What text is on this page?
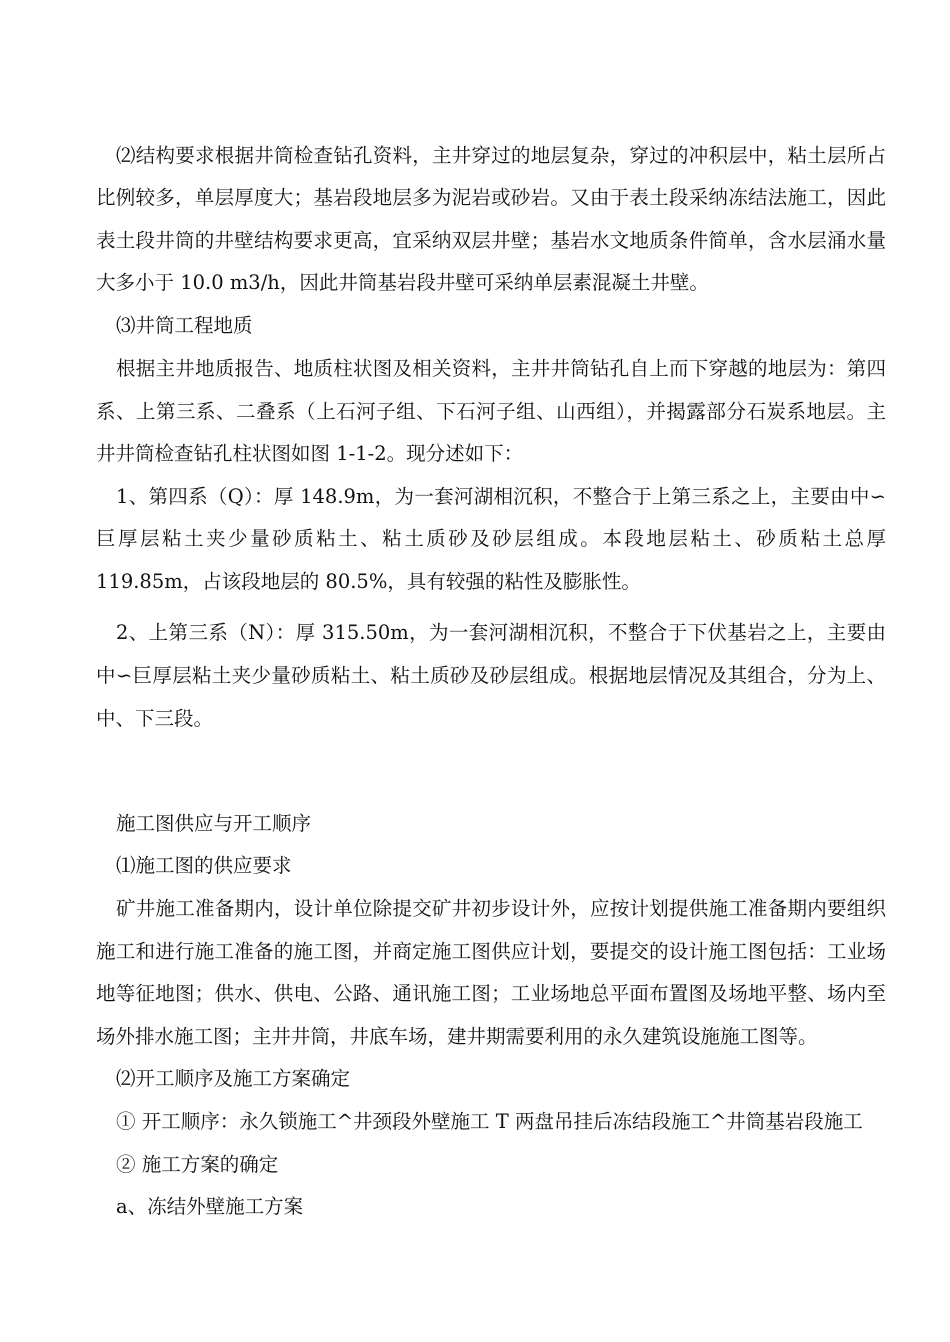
⑵结构要求根据井筒检查钻孔资料，主井穿过的地层复杂，穿过的冲积层中，粘土层所占
比例较多，单层厚度大；基岩段地层多为泥岩或砂岩。又由于表土段采纳冻结法施工，因此
表土段井筒的井壁结构要求更高，宜采纳双层井壁；基岩水文地质条件简单，含水层涌水量
大多小于 10.0 m3/h，因此井筒基岩段井壁可采纳单层素混凝土井壁。
⑶井筒工程地质
根据主井地质报告、地质柱状图及相关资料，主井井筒钻孔自上而下穿越的地层为：第四
系、上第三系、二叠系（上石河子组、下石河子组、山西组），并揭露部分石炭系地层。主
井井筒检查钻孔柱状图如图 1-1-2。现分述如下：
1、第四系（Q）：厚 148.9m，为一套河湖相沉积，不整合于上第三系之上，主要由中∽
巨厚层粘土夹少量砂质粘土、粘土质砂及砂层组成。本段地层粘土、砂质粘土总厚
119.85m，占该段地层的 80.5%，具有较强的粘性及膨胀性。
2、上第三系（N）：厚 315.50m，为一套河湖相沉积，不整合于下伏基岩之上，主要由
中∽巨厚层粘土夹少量砂质粘土、粘土质砂及砂层组成。根据地层情况及其组合，分为上、
中、下三段。
施工图供应与开工顺序
⑴施工图的供应要求
矿井施工准备期内，设计单位除提交矿井初步设计外，应按计划提供施工准备期内要组织
施工和进行施工准备的施工图，并商定施工图供应计划，要提交的设计施工图包括：工业场
地等征地图；供水、供电、公路、通讯施工图；工业场地总平面布置图及场地平整、场内至
场外排水施工图；主井井筒，井底车场，建井期需要利用的永久建筑设施施工图等。
⑵开工顺序及施工方案确定
① 开工顺序：永久锁施工^井颈段外壁施工 T 两盘吊挂后冻结段施工^井筒基岩段施工
② 施工方案的确定
a、冻结外壁施工方案
